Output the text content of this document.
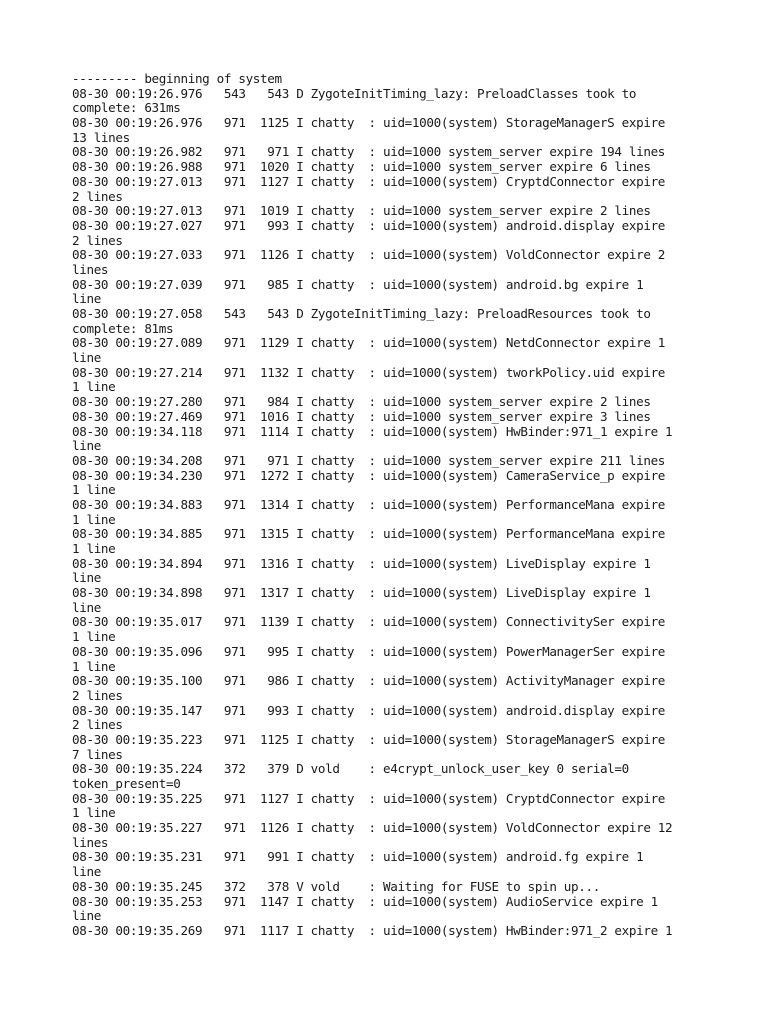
--------- beginning of system
08-30 00:19:26.976   543   543 D ZygoteInitTiming_lazy: PreloadClasses took to
complete: 631ms
08-30 00:19:26.976   971  1125 I chatty  : uid=1000(system) StorageManagerS expire
13 lines
08-30 00:19:26.982   971   971 I chatty  : uid=1000 system_server expire 194 lines
08-30 00:19:26.988   971  1020 I chatty  : uid=1000 system_server expire 6 lines
08-30 00:19:27.013   971  1127 I chatty  : uid=1000(system) CryptdConnector expire
2 lines
08-30 00:19:27.013   971  1019 I chatty  : uid=1000 system_server expire 2 lines
08-30 00:19:27.027   971   993 I chatty  : uid=1000(system) android.display expire
2 lines
08-30 00:19:27.033   971  1126 I chatty  : uid=1000(system) VoldConnector expire 2
lines
08-30 00:19:27.039   971   985 I chatty  : uid=1000(system) android.bg expire 1
line
08-30 00:19:27.058   543   543 D ZygoteInitTiming_lazy: PreloadResources took to
complete: 81ms
08-30 00:19:27.089   971  1129 I chatty  : uid=1000(system) NetdConnector expire 1
line
08-30 00:19:27.214   971  1132 I chatty  : uid=1000(system) tworkPolicy.uid expire
1 line
08-30 00:19:27.280   971   984 I chatty  : uid=1000 system_server expire 2 lines
08-30 00:19:27.469   971  1016 I chatty  : uid=1000 system_server expire 3 lines
08-30 00:19:34.118   971  1114 I chatty  : uid=1000(system) HwBinder:971_1 expire 1
line
08-30 00:19:34.208   971   971 I chatty  : uid=1000 system_server expire 211 lines
08-30 00:19:34.230   971  1272 I chatty  : uid=1000(system) CameraService_p expire
1 line
08-30 00:19:34.883   971  1314 I chatty  : uid=1000(system) PerformanceMana expire
1 line
08-30 00:19:34.885   971  1315 I chatty  : uid=1000(system) PerformanceMana expire
1 line
08-30 00:19:34.894   971  1316 I chatty  : uid=1000(system) LiveDisplay expire 1
line
08-30 00:19:34.898   971  1317 I chatty  : uid=1000(system) LiveDisplay expire 1
line
08-30 00:19:35.017   971  1139 I chatty  : uid=1000(system) ConnectivitySer expire
1 line
08-30 00:19:35.096   971   995 I chatty  : uid=1000(system) PowerManagerSer expire
1 line
08-30 00:19:35.100   971   986 I chatty  : uid=1000(system) ActivityManager expire
2 lines
08-30 00:19:35.147   971   993 I chatty  : uid=1000(system) android.display expire
2 lines
08-30 00:19:35.223   971  1125 I chatty  : uid=1000(system) StorageManagerS expire
7 lines
08-30 00:19:35.224   372   379 D vold    : e4crypt_unlock_user_key 0 serial=0
token_present=0
08-30 00:19:35.225   971  1127 I chatty  : uid=1000(system) CryptdConnector expire
1 line
08-30 00:19:35.227   971  1126 I chatty  : uid=1000(system) VoldConnector expire 12
lines
08-30 00:19:35.231   971   991 I chatty  : uid=1000(system) android.fg expire 1
line
08-30 00:19:35.245   372   378 V vold    : Waiting for FUSE to spin up...
08-30 00:19:35.253   971  1147 I chatty  : uid=1000(system) AudioService expire 1
line
08-30 00:19:35.269   971  1117 I chatty  : uid=1000(system) HwBinder:971_2 expire 1
